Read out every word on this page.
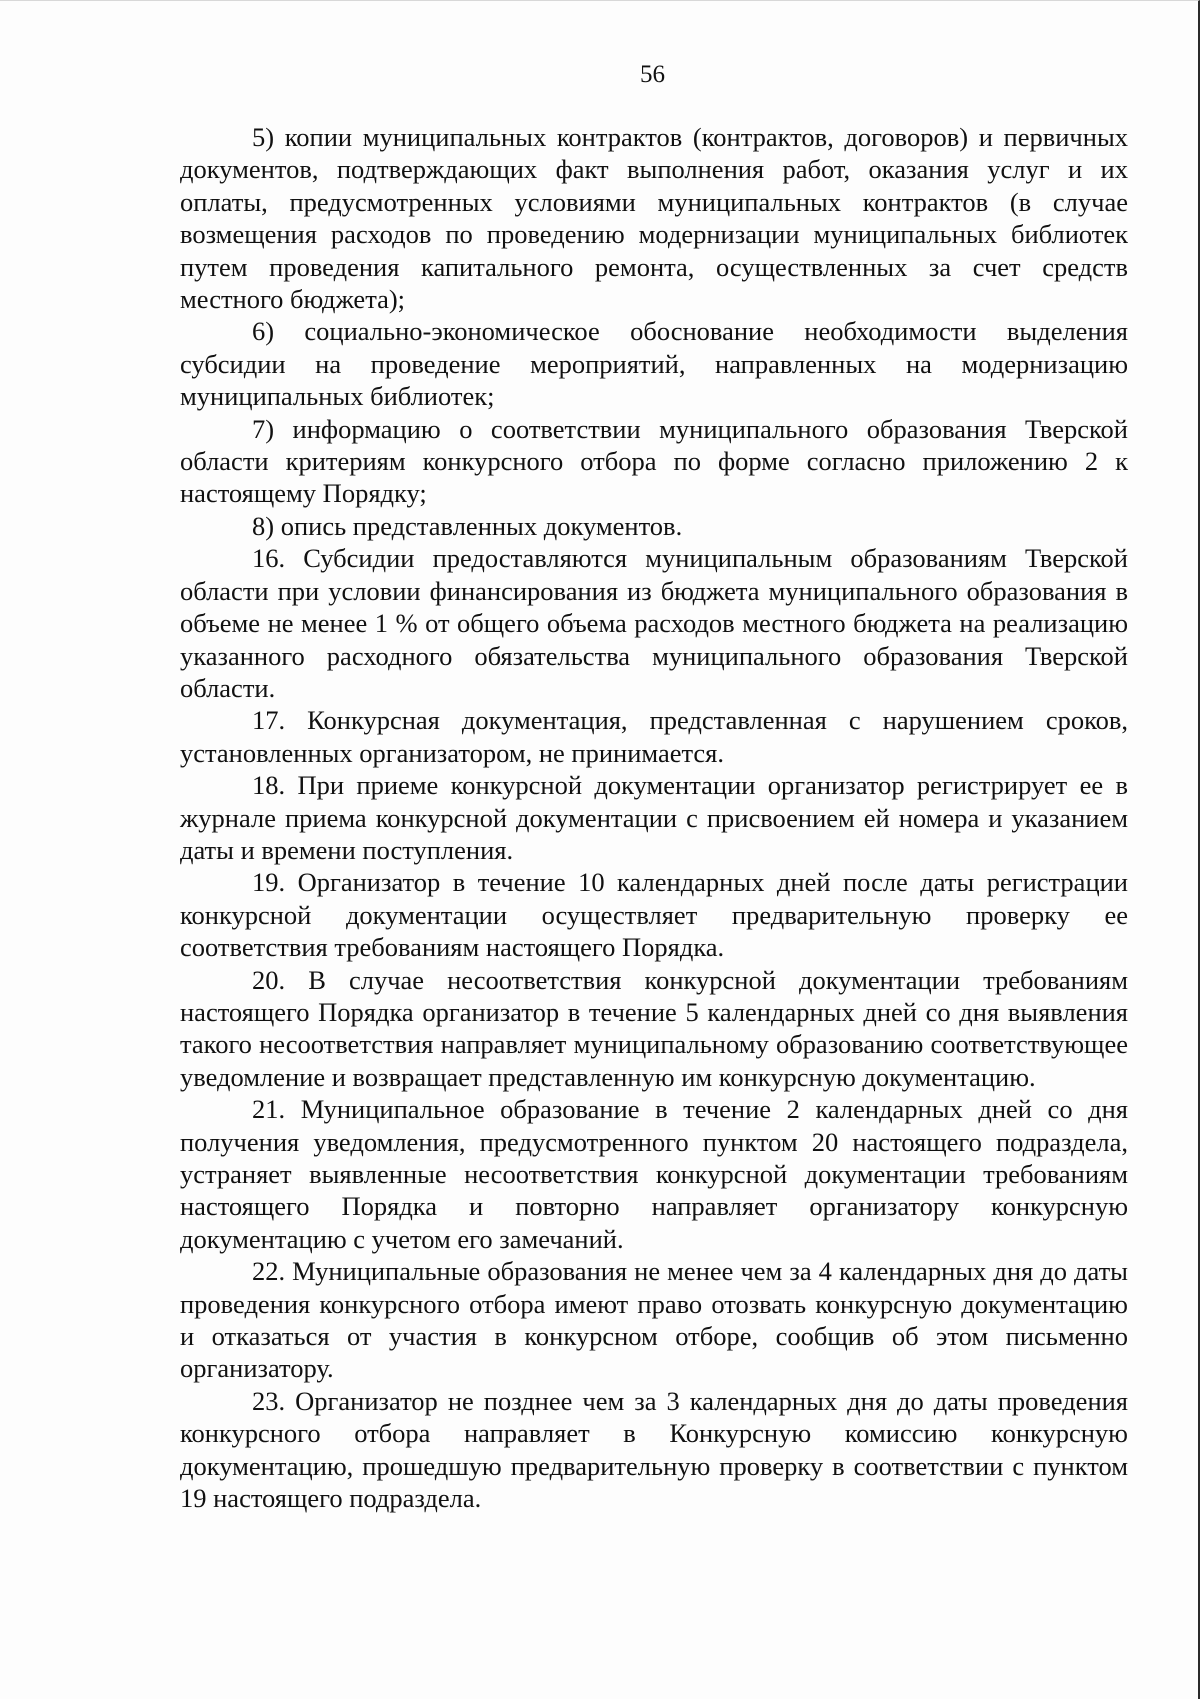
56

5) копии муниципальных контрактов (контрактов, договоров) и первичных документов, подтверждающих факт выполнения работ, оказания услуг и их оплаты, предусмотренных условиями муниципальных контрактов (в случае возмещения расходов по проведению модернизации муниципальных библиотек путем проведения капитального ремонта, осуществленных за счет средств местного бюджета);

6) социально-экономическое обоснование необходимости выделения субсидии на проведение мероприятий, направленных на модернизацию муниципальных библиотек;

7) информацию о соответствии муниципального образования Тверской области критериям конкурсного отбора по форме согласно приложению 2 к настоящему Порядку;

8) опись представленных документов.

16. Субсидии предоставляются муниципальным образованиям Тверской области при условии финансирования из бюджета муниципального образования в объеме не менее 1 % от общего объема расходов местного бюджета на реализацию указанного расходного обязательства муниципального образования Тверской области.

17. Конкурсная документация, представленная с нарушением сроков, установленных организатором, не принимается.

18. При приеме конкурсной документации организатор регистрирует ее в журнале приема конкурсной документации с присвоением ей номера и указанием даты и времени поступления.

19. Организатор в течение 10 календарных дней после даты регистрации конкурсной документации осуществляет предварительную проверку ее соответствия требованиям настоящего Порядка.

20. В случае несоответствия конкурсной документации требованиям настоящего Порядка организатор в течение 5 календарных дней со дня выявления такого несоответствия направляет муниципальному образованию соответствующее уведомление и возвращает представленную им конкурсную документацию.

21. Муниципальное образование в течение 2 календарных дней со дня получения уведомления, предусмотренного пунктом 20 настоящего подраздела, устраняет выявленные несоответствия конкурсной документации требованиям настоящего Порядка и повторно направляет организатору конкурсную документацию с учетом его замечаний.

22. Муниципальные образования не менее чем за 4 календарных дня до даты проведения конкурсного отбора имеют право отозвать конкурсную документацию и отказаться от участия в конкурсном отборе, сообщив об этом письменно организатору.

23. Организатор не позднее чем за 3 календарных дня до даты проведения конкурсного отбора направляет в Конкурсную комиссию конкурсную документацию, прошедшую предварительную проверку в соответствии с пунктом 19 настоящего подраздела.
